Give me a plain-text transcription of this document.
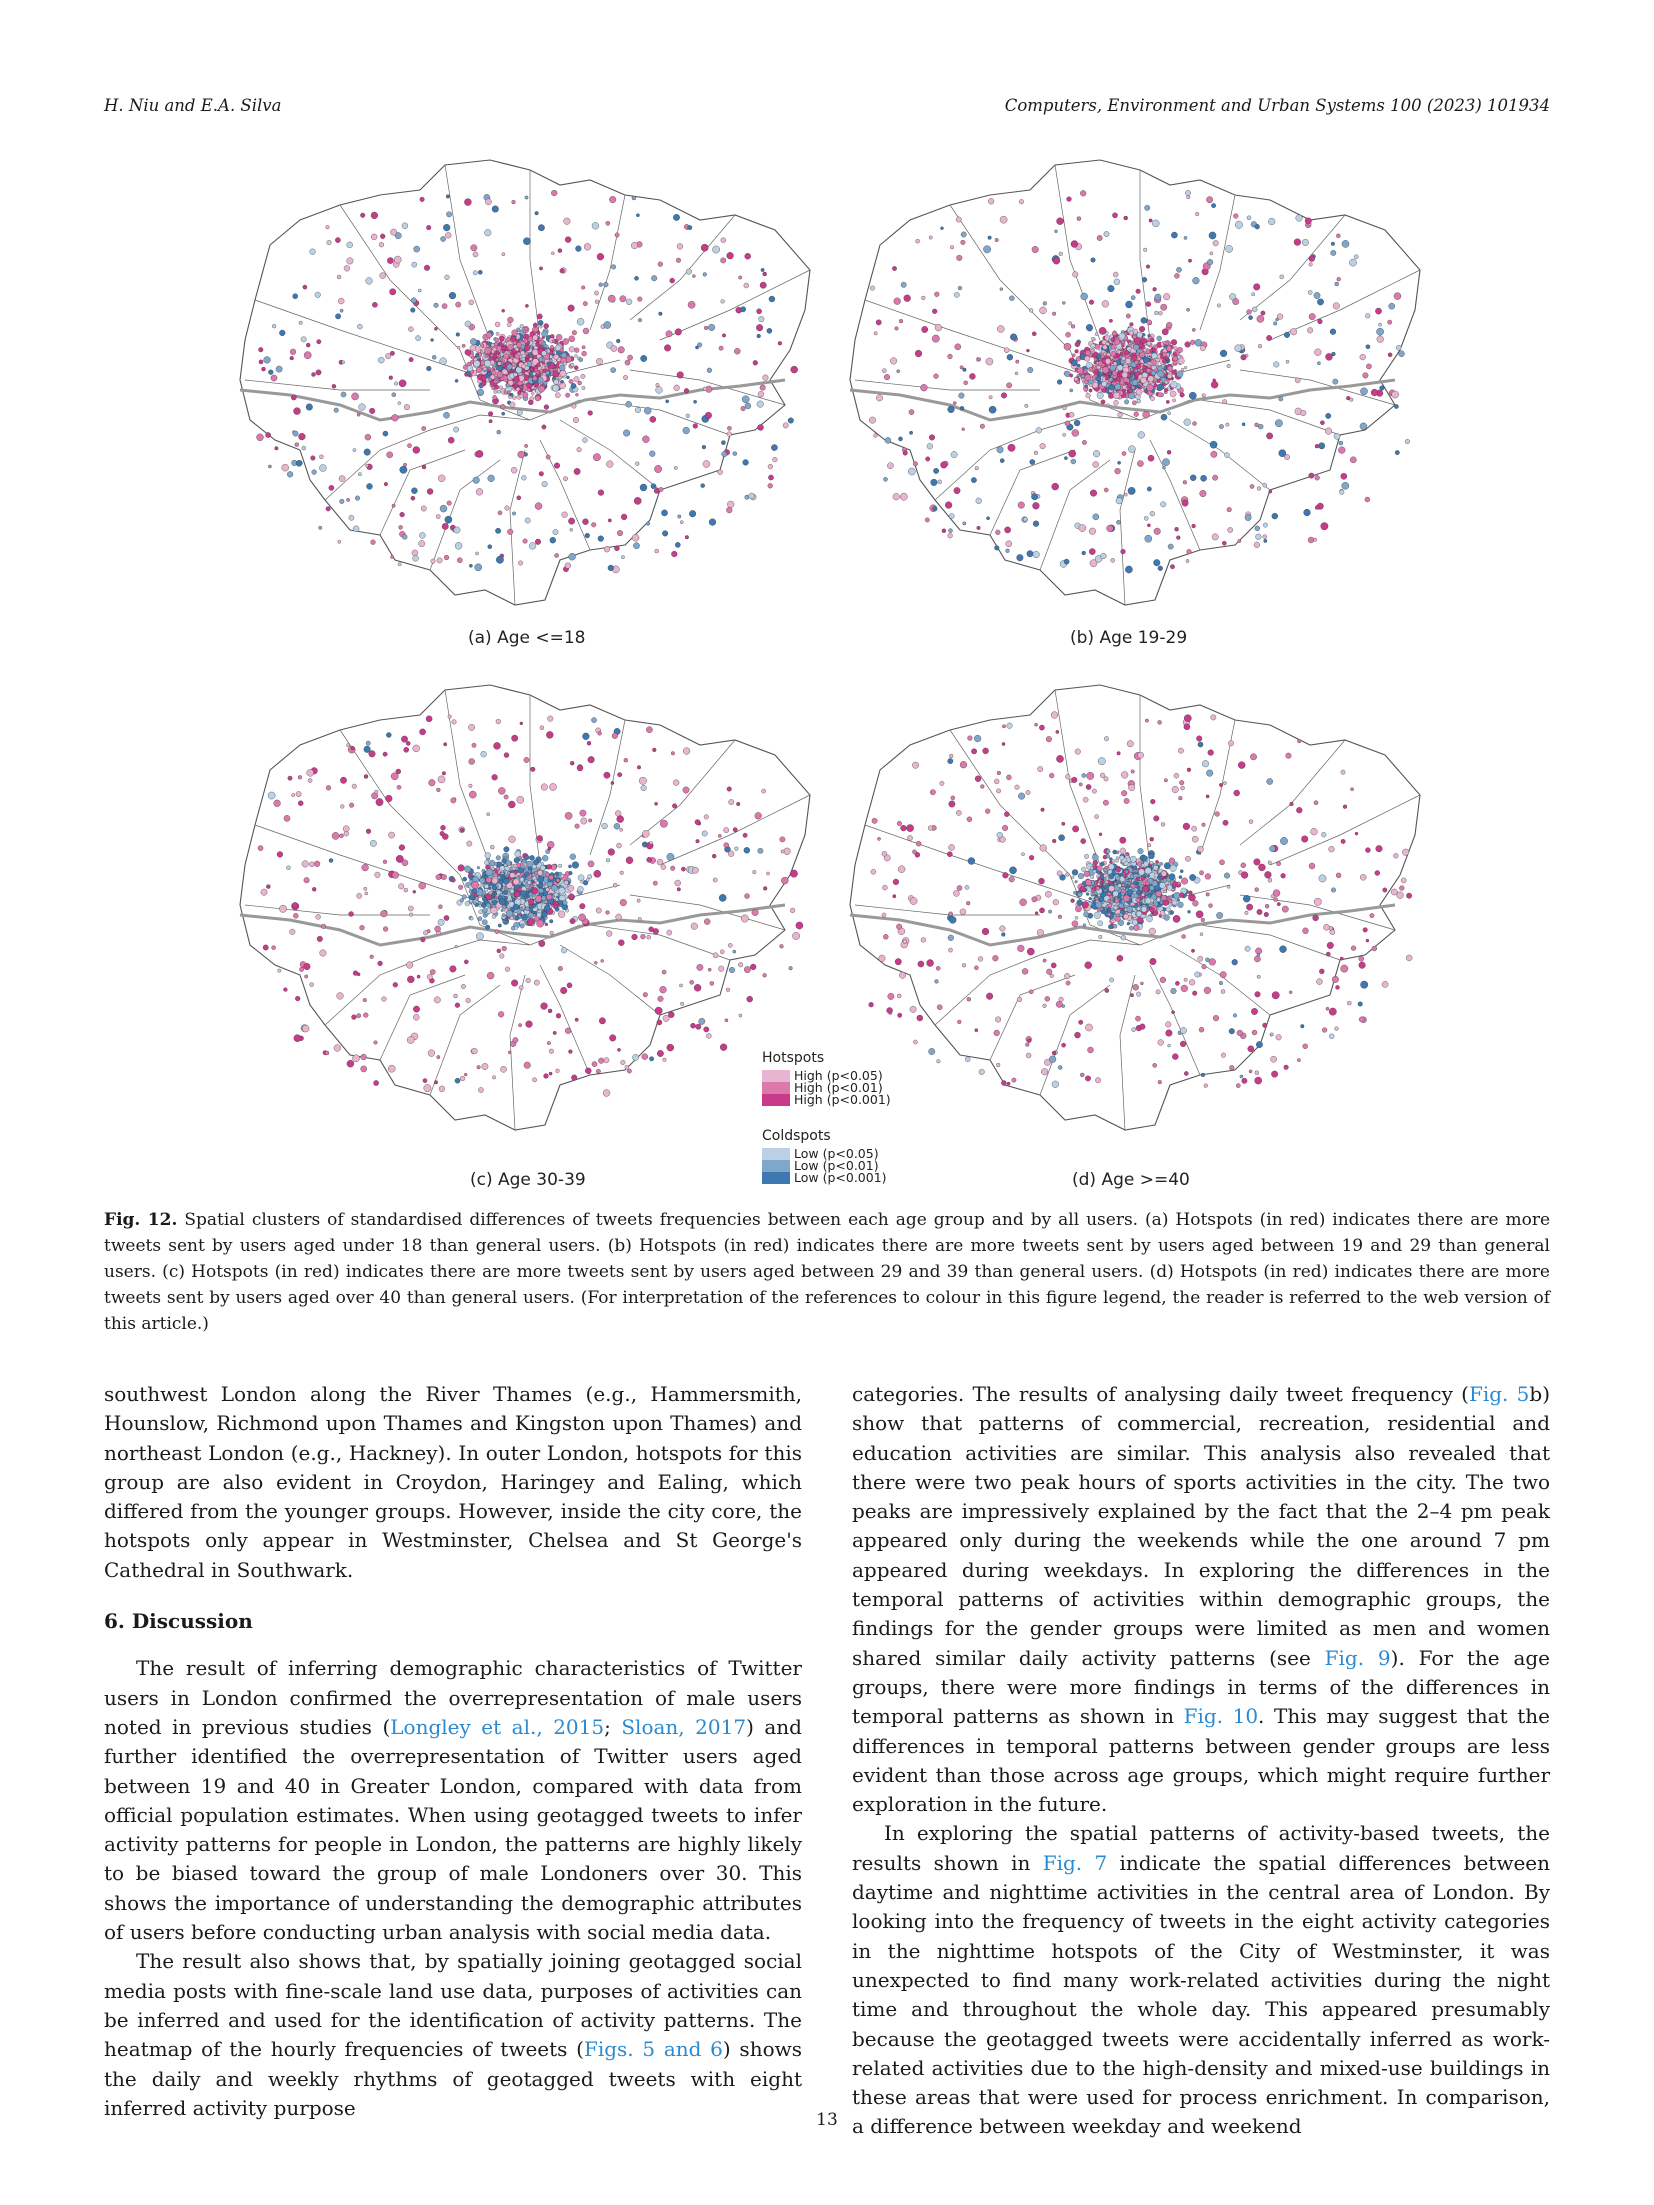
H. Niu and E.A. Silva	Computers, Environment and Urban Systems 100 (2023) 101934
(a) Age <=18	(b) Age 19-29
(c) Age 30-39	(d) Age >=40
Hotspots
High (p<0.05)
High (p<0.01)
High (p<0.001)
Coldspots
Low (p<0.05)
Low (p<0.01)
Low (p<0.001)
Fig. 12. Spatial clusters of standardised differences of tweets frequencies between each age group and by all users. (a) Hotspots (in red) indicates there are more tweets sent by users aged under 18 than general users. (b) Hotspots (in red) indicates there are more tweets sent by users aged between 19 and 29 than general users. (c) Hotspots (in red) indicates there are more tweets sent by users aged between 29 and 39 than general users. (d) Hotspots (in red) indicates there are more tweets sent by users aged over 40 than general users. (For interpretation of the references to colour in this figure legend, the reader is referred to the web version of this article.)

southwest London along the River Thames (e.g., Hammersmith, Hounslow, Richmond upon Thames and Kingston upon Thames) and northeast London (e.g., Hackney). In outer London, hotspots for this group are also evident in Croydon, Haringey and Ealing, which differed from the younger groups. However, inside the city core, the hotspots only appear in Westminster, Chelsea and St George's Cathedral in Southwark.

6. Discussion

The result of inferring demographic characteristics of Twitter users in London confirmed the overrepresentation of male users noted in previous studies (Longley et al., 2015; Sloan, 2017) and further identified the overrepresentation of Twitter users aged between 19 and 40 in Greater London, compared with data from official population estimates. When using geotagged tweets to infer activity patterns for people in London, the patterns are highly likely to be biased toward the group of male Londoners over 30. This shows the importance of understanding the demographic attributes of users before conducting urban analysis with social media data.

The result also shows that, by spatially joining geotagged social media posts with fine-scale land use data, purposes of activities can be inferred and used for the identification of activity patterns. The heatmap of the hourly frequencies of tweets (Figs. 5 and 6) shows the daily and weekly rhythms of geotagged tweets with eight inferred activity purpose

categories. The results of analysing daily tweet frequency (Fig. 5b) show that patterns of commercial, recreation, residential and education activities are similar. This analysis also revealed that there were two peak hours of sports activities in the city. The two peaks are impressively explained by the fact that the 2–4 pm peak appeared only during the weekends while the one around 7 pm appeared during weekdays. In exploring the differences in the temporal patterns of activities within demographic groups, the findings for the gender groups were limited as men and women shared similar daily activity patterns (see Fig. 9). For the age groups, there were more findings in terms of the differences in temporal patterns as shown in Fig. 10. This may suggest that the differences in temporal patterns between gender groups are less evident than those across age groups, which might require further exploration in the future.

In exploring the spatial patterns of activity-based tweets, the results shown in Fig. 7 indicate the spatial differences between daytime and nighttime activities in the central area of London. By looking into the frequency of tweets in the eight activity categories in the nighttime hotspots of the City of Westminster, it was unexpected to find many work-related activities during the night time and throughout the whole day. This appeared presumably because the geotagged tweets were accidentally inferred as work-related activities due to the high-density and mixed-use buildings in these areas that were used for process enrichment. In comparison, a difference between weekday and weekend

13
